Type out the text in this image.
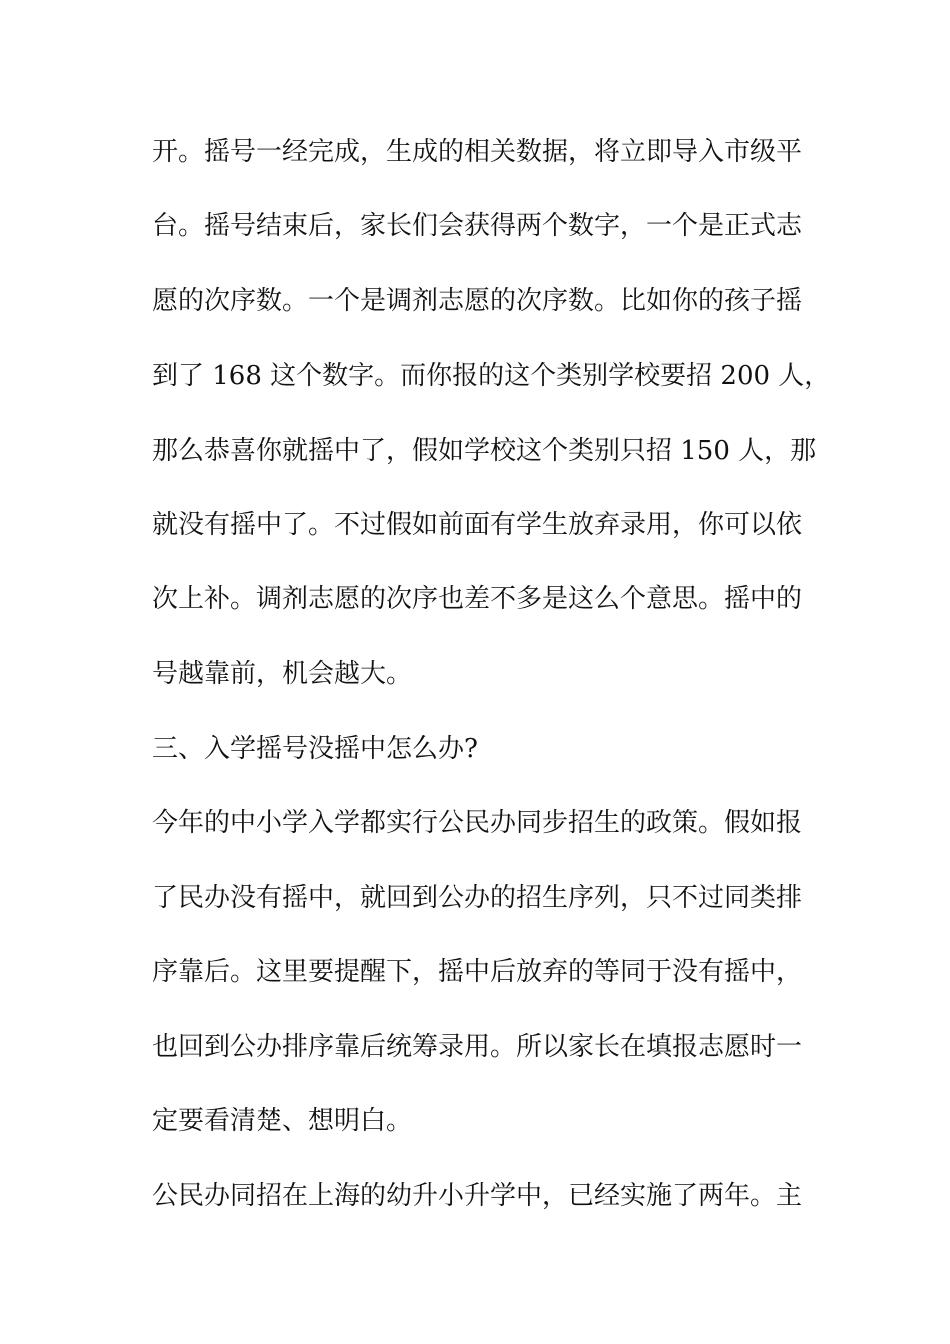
开。摇号一经完成，生成的相关数据，将立即导入市级平
台。摇号结束后，家长们会获得两个数字，一个是正式志
愿的次序数。一个是调剂志愿的次序数。比如你的孩子摇
到了 168 这个数字。而你报的这个类别学校要招 200 人，
那么恭喜你就摇中了，假如学校这个类别只招 150 人，那
就没有摇中了。不过假如前面有学生放弃录用，你可以依
次上补。调剂志愿的次序也差不多是这么个意思。摇中的
号越靠前，机会越大。
三、入学摇号没摇中怎么办?
今年的中小学入学都实行公民办同步招生的政策。假如报
了民办没有摇中，就回到公办的招生序列，只不过同类排
序靠后。这里要提醒下，摇中后放弃的等同于没有摇中，
也回到公办排序靠后统筹录用。所以家长在填报志愿时一
定要看清楚、想明白。
公民办同招在上海的幼升小升学中，已经实施了两年。主
